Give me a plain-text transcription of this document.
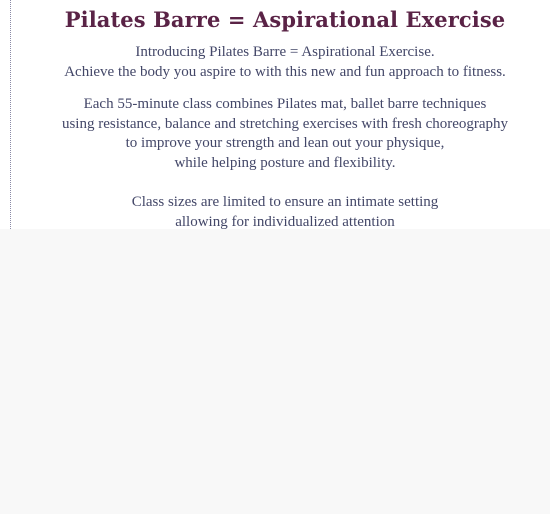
Pilates Barre = Aspirational Exercise

Introducing Pilates Barre = Aspirational Exercise.
Achieve the body you aspire to with this new and fun approach to fitness.

Each 55-minute class combines Pilates mat, ballet barre techniques
using resistance, balance and stretching exercises with fresh choreography
to improve your strength and lean out your physique,
while helping posture and flexibility.

Class sizes are limited to ensure an intimate setting
allowing for individualized attention
